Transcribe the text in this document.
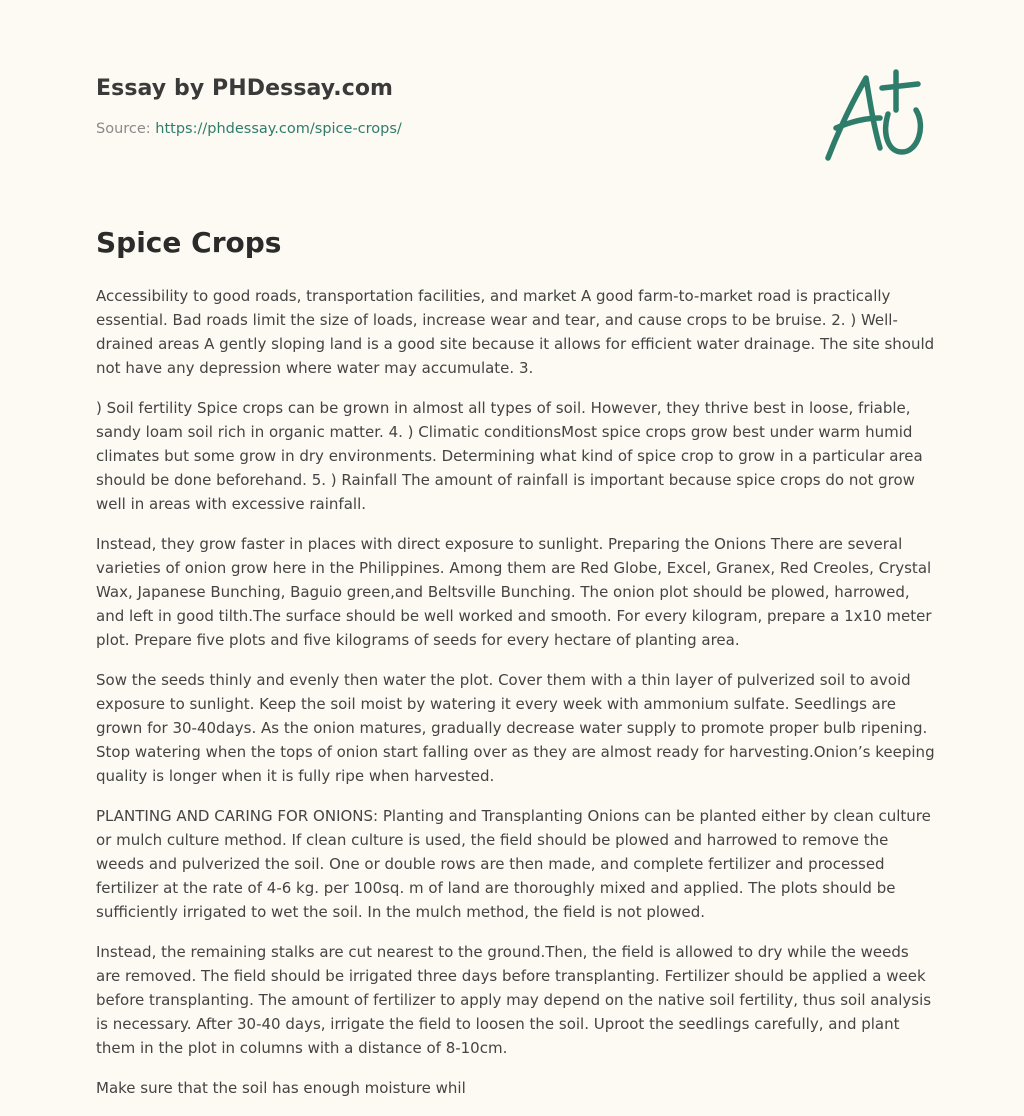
Essay by PHDessay.com
Source: https://phdessay.com/spice-crops/
Spice Crops

Accessibility to good roads, transportation facilities, and market A good farm-to-market road is practically essential. Bad roads limit the size of loads, increase wear and tear, and cause crops to be bruise. 2. ) Well-drained areas A gently sloping land is a good site because it allows for efficient water drainage. The site should not have any depression where water may accumulate. 3.

) Soil fertility Spice crops can be grown in almost all types of soil. However, they thrive best in loose, friable, sandy loam soil rich in organic matter. 4. ) Climatic conditionsMost spice crops grow best under warm humid climates but some grow in dry environments. Determining what kind of spice crop to grow in a particular area should be done beforehand. 5. ) Rainfall The amount of rainfall is important because spice crops do not grow well in areas with excessive rainfall.

Instead, they grow faster in places with direct exposure to sunlight. Preparing the Onions There are several varieties of onion grow here in the Philippines. Among them are Red Globe, Excel, Granex, Red Creoles, Crystal Wax, Japanese Bunching, Baguio green,and Beltsville Bunching. The onion plot should be plowed, harrowed, and left in good tilth.The surface should be well worked and smooth. For every kilogram, prepare a 1x10 meter plot. Prepare five plots and five kilograms of seeds for every hectare of planting area.

Sow the seeds thinly and evenly then water the plot. Cover them with a thin layer of pulverized soil to avoid exposure to sunlight. Keep the soil moist by watering it every week with ammonium sulfate. Seedlings are grown for 30-40days. As the onion matures, gradually decrease water supply to promote proper bulb ripening. Stop watering when the tops of onion start falling over as they are almost ready for harvesting.Onion’s keeping quality is longer when it is fully ripe when harvested.

PLANTING AND CARING FOR ONIONS: Planting and Transplanting Onions can be planted either by clean culture or mulch culture method. If clean culture is used, the field should be plowed and harrowed to remove the weeds and pulverized the soil. One or double rows are then made, and complete fertilizer and processed fertilizer at the rate of 4-6 kg. per 100sq. m of land are thoroughly mixed and applied. The plots should be sufficiently irrigated to wet the soil. In the mulch method, the field is not plowed.

Instead, the remaining stalks are cut nearest to the ground.Then, the field is allowed to dry while the weeds are removed. The field should be irrigated three days before transplanting. Fertilizer should be applied a week before transplanting. The amount of fertilizer to apply may depend on the native soil fertility, thus soil analysis is necessary. After 30-40 days, irrigate the field to loosen the soil. Uproot the seedlings carefully, and plant them in the plot in columns with a distance of 8-10cm.

Make sure that the soil has enough moisture whil
